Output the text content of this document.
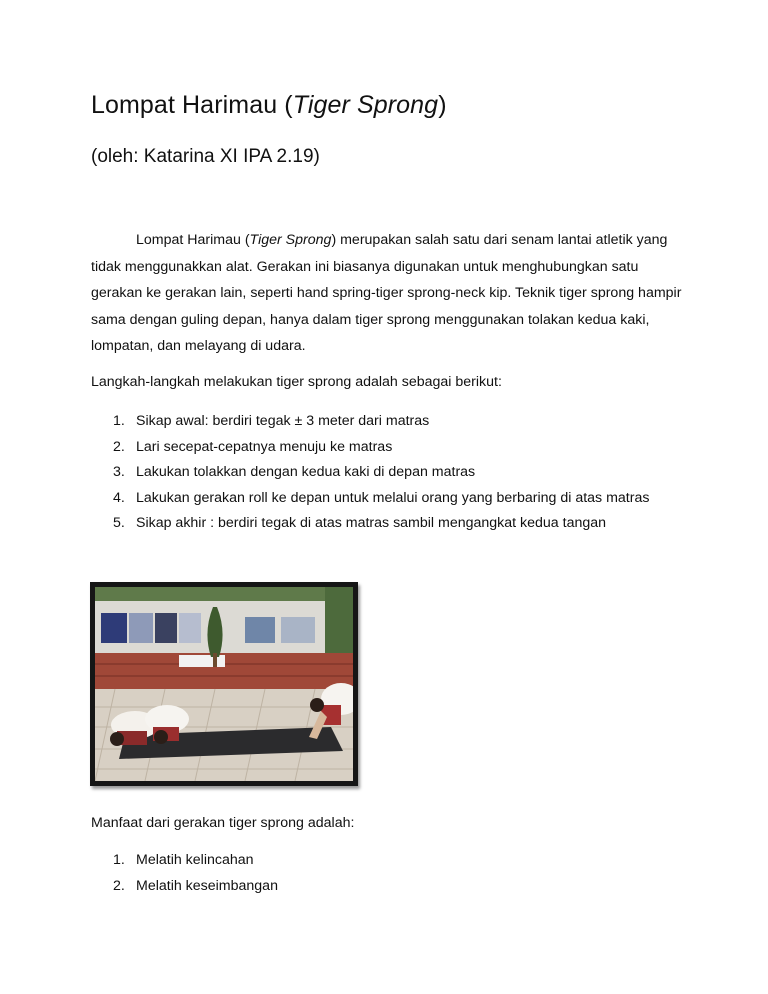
Lompat Harimau (Tiger Sprong)
(oleh: Katarina XI IPA 2.19)

Lompat Harimau (Tiger Sprong) merupakan salah satu dari senam lantai atletik yang tidak menggunakkan alat. Gerakan ini biasanya digunakan untuk menghubungkan satu gerakan ke gerakan lain, seperti hand spring-tiger sprong-neck kip. Teknik tiger sprong hampir sama dengan guling depan, hanya dalam tiger sprong menggunakan tolakan kedua kaki, lompatan, dan melayang di udara.

Langkah-langkah melakukan tiger sprong adalah sebagai berikut:

1. Sikap awal: berdiri tegak ± 3 meter dari matras
2. Lari secepat-cepatnya menuju ke matras
3. Lakukan tolakkan dengan kedua kaki di depan matras
4. Lakukan gerakan roll ke depan untuk melalui orang yang berbaring di atas matras
5. Sikap akhir : berdiri tegak di atas matras sambil mengangkat kedua tangan

Manfaat dari gerakan tiger sprong adalah:

1. Melatih kelincahan
2. Melatih keseimbangan
